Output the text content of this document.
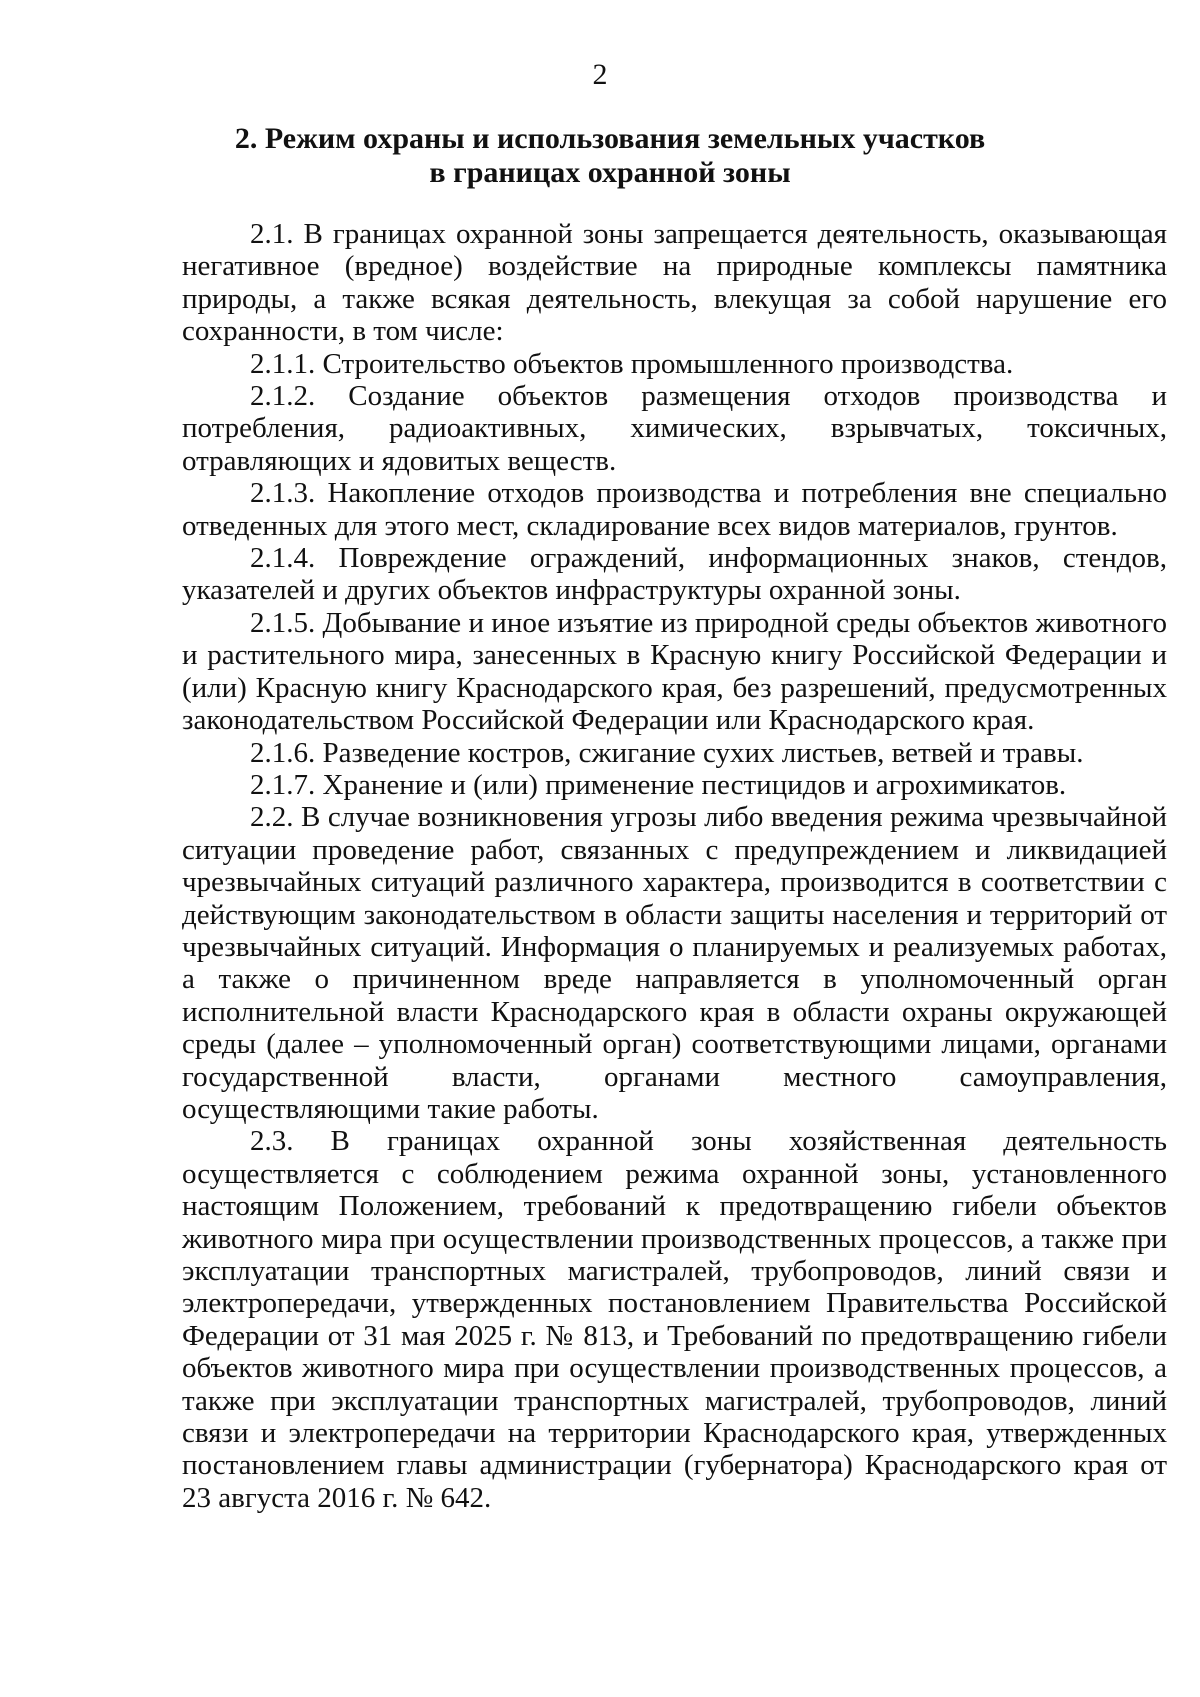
2
2. Режим охраны и использования земельных участков
в границах охранной зоны

2.1. В границах охранной зоны запрещается деятельность, оказывающая негативное (вредное) воздействие на природные комплексы памятника природы, а также всякая деятельность, влекущая за собой нарушение его сохранности, в том числе:

2.1.1. Строительство объектов промышленного производства.

2.1.2. Создание объектов размещения отходов производства и потребления, радиоактивных, химических, взрывчатых, токсичных, отравляющих и ядовитых веществ.

2.1.3. Накопление отходов производства и потребления вне специально отведенных для этого мест, складирование всех видов материалов, грунтов.

2.1.4. Повреждение ограждений, информационных знаков, стендов, указателей и других объектов инфраструктуры охранной зоны.

2.1.5. Добывание и иное изъятие из природной среды объектов животного и растительного мира, занесенных в Красную книгу Российской Федерации и (или) Красную книгу Краснодарского края, без разрешений, предусмотренных законодательством Российской Федерации или Краснодарского края.

2.1.6. Разведение костров, сжигание сухих листьев, ветвей и травы.

2.1.7. Хранение и (или) применение пестицидов и агрохимикатов.

2.2. В случае возникновения угрозы либо введения режима чрезвычайной ситуации проведение работ, связанных с предупреждением и ликвидацией чрезвычайных ситуаций различного характера, производится в соответствии с действующим законодательством в области защиты населения и территорий от чрезвычайных ситуаций. Информация о планируемых и реализуемых работах, а также о причиненном вреде направляется в уполномоченный орган исполнительной власти Краснодарского края в области охраны окружающей среды (далее – уполномоченный орган) соответствующими лицами, органами государственной власти, органами местного самоуправления, осуществляющими такие работы.

2.3. В границах охранной зоны хозяйственная деятельность осуществляется с соблюдением режима охранной зоны, установленного настоящим Положением, требований к предотвращению гибели объектов животного мира при осуществлении производственных процессов, а также при эксплуатации транспортных магистралей, трубопроводов, линий связи и электропередачи, утвержденных постановлением Правительства Российской Федерации от 31 мая 2025 г. № 813, и Требований по предотвращению гибели объектов животного мира при осуществлении производственных процессов, а также при эксплуатации транспортных магистралей, трубопроводов, линий связи и электропередачи на территории Краснодарского края, утвержденных постановлением главы администрации (губернатора) Краснодарского края от 23 августа 2016 г. № 642.
